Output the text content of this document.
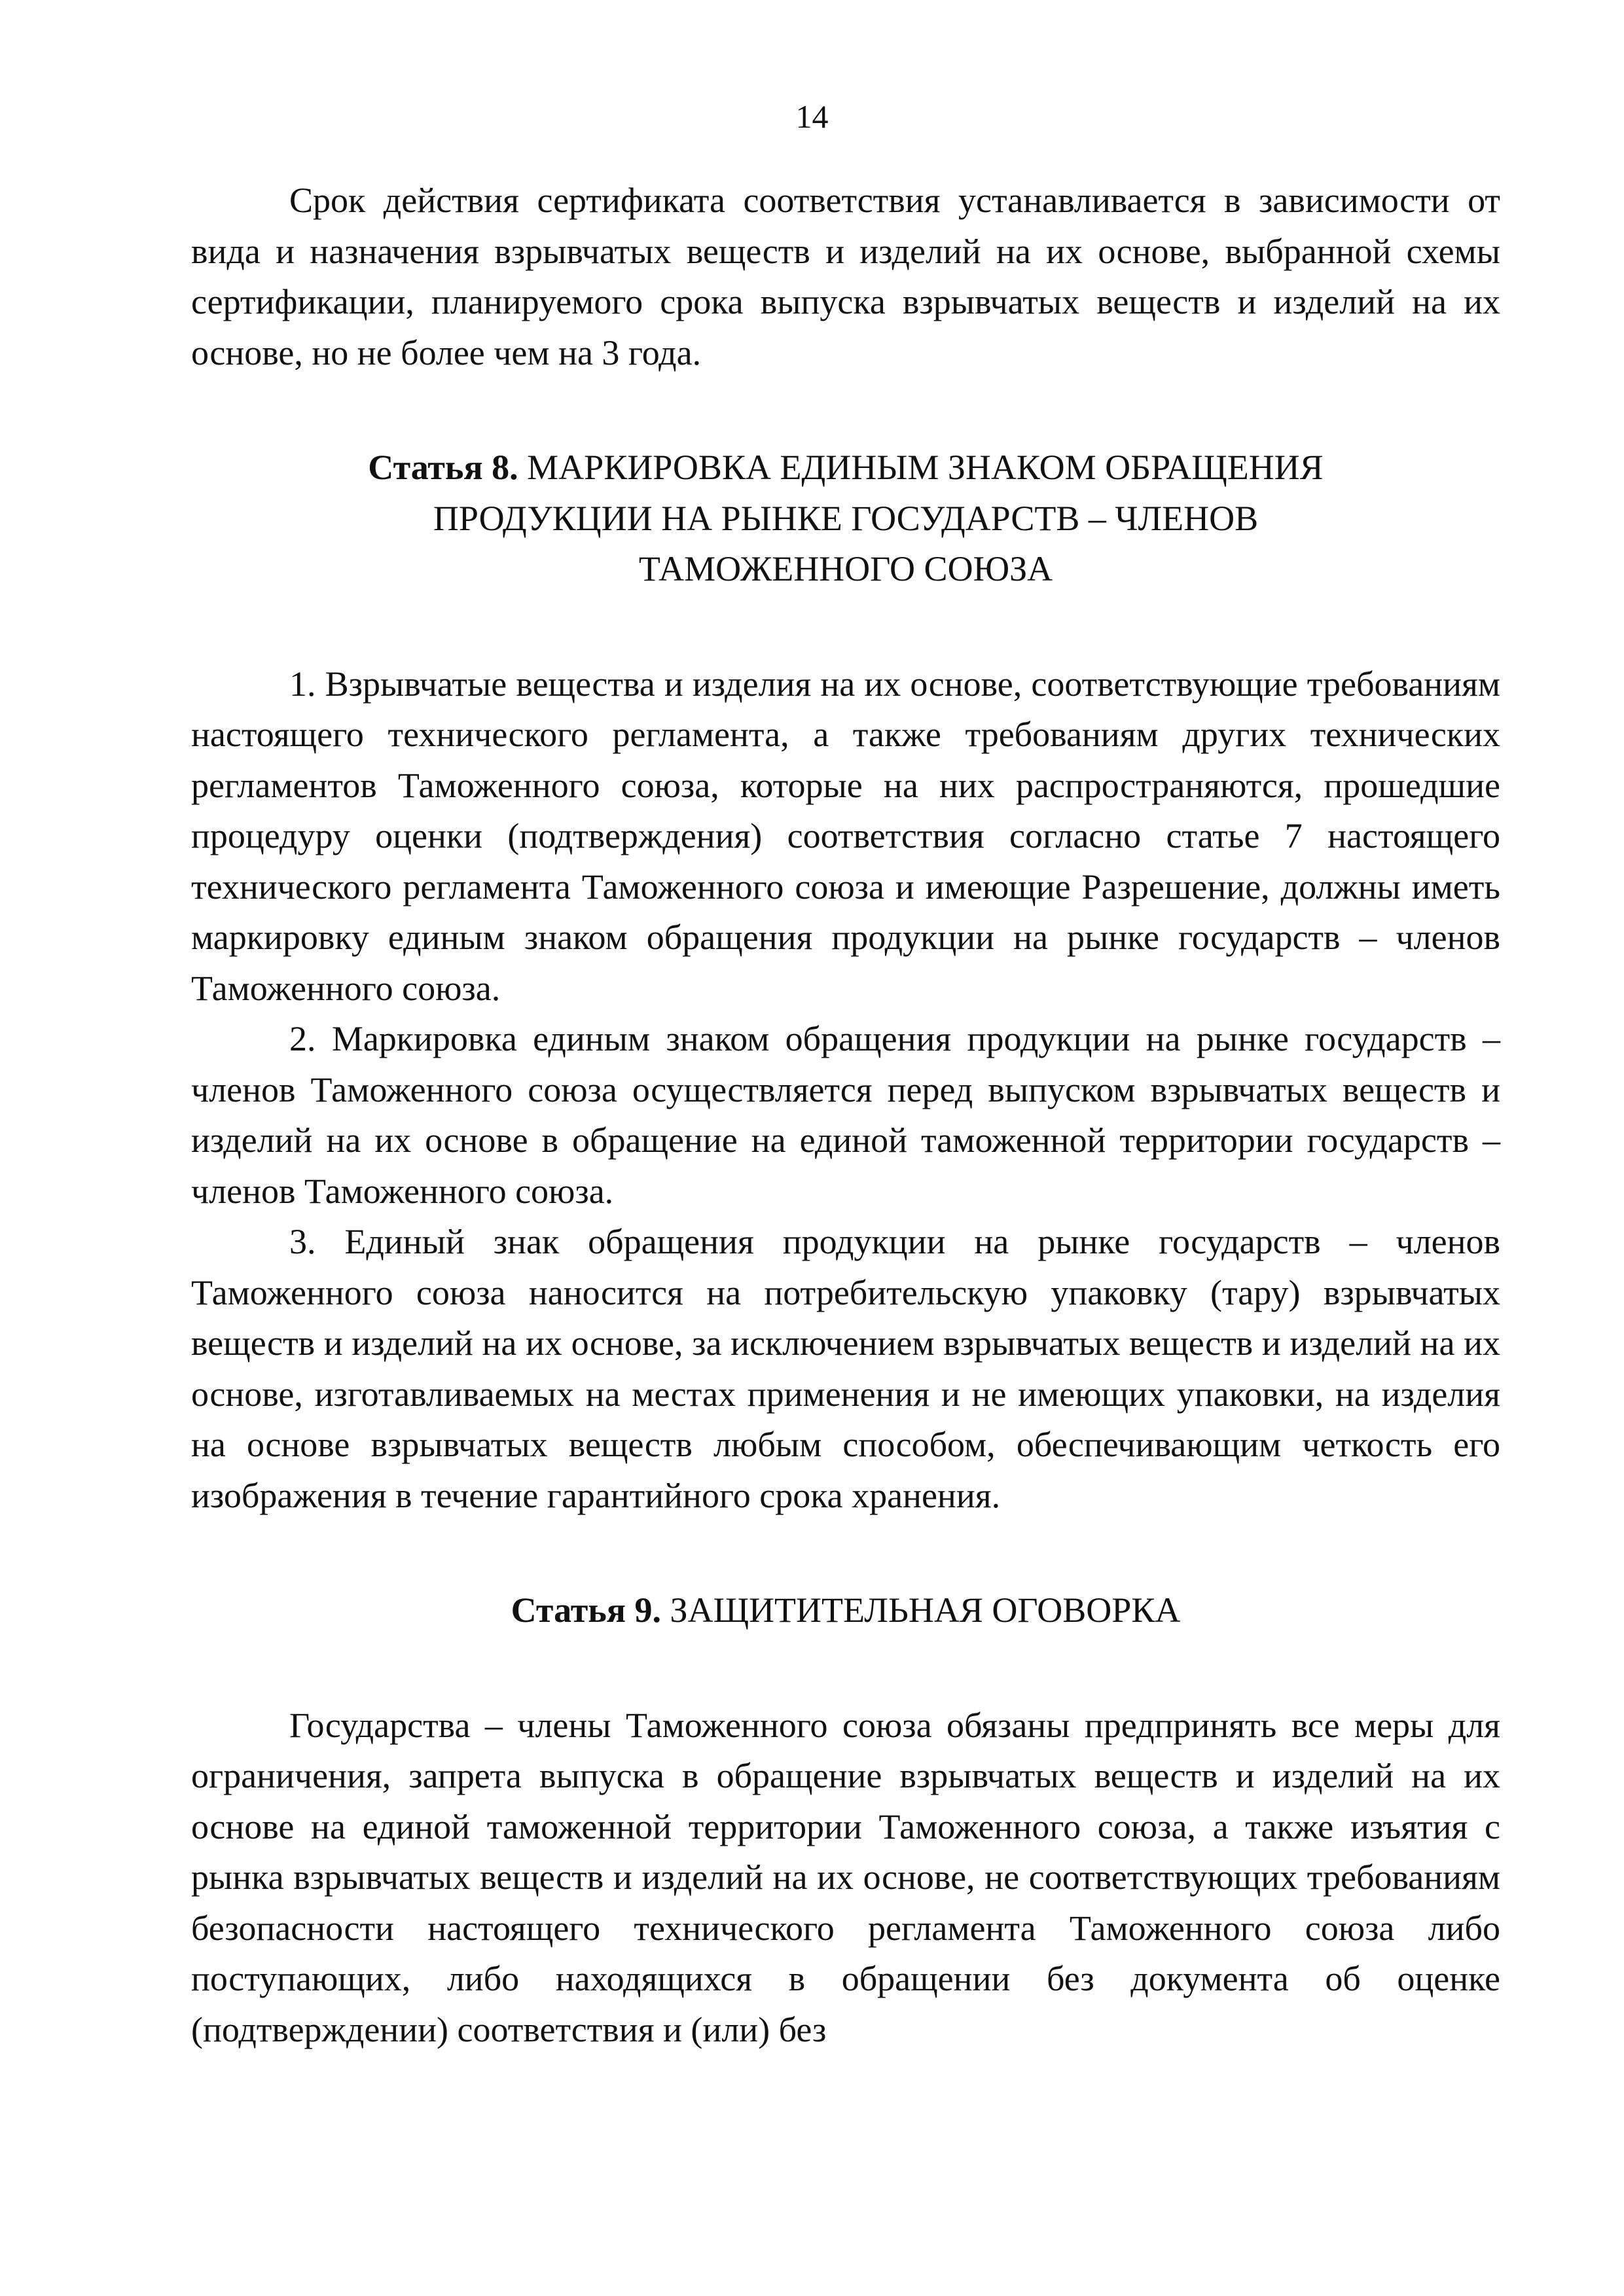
14

Срок действия сертификата соответствия устанавливается в зависимости от вида и назначения взрывчатых веществ и изделий на их основе, выбранной схемы сертификации, планируемого срока выпуска взрывчатых веществ и изделий на их основе, но не более чем на 3 года.

Статья 8. МАРКИРОВКА ЕДИНЫМ ЗНАКОМ ОБРАЩЕНИЯ
ПРОДУКЦИИ НА РЫНКЕ ГОСУДАРСТВ – ЧЛЕНОВ
ТАМОЖЕННОГО СОЮЗА

1. Взрывчатые вещества и изделия на их основе, соответствующие требованиям настоящего технического регламента, а также требованиям других технических регламентов Таможенного союза, которые на них распространяются, прошедшие процедуру оценки (подтверждения) соответствия согласно статье 7 настоящего технического регламента Таможенного союза и имеющие Разрешение, должны иметь маркировку единым знаком обращения продукции на рынке государств – членов Таможенного союза.

2. Маркировка единым знаком обращения продукции на рынке государств – членов Таможенного союза осуществляется перед выпуском взрывчатых веществ и изделий на их основе в обращение на единой таможенной территории государств – членов Таможенного союза.

3. Единый знак обращения продукции на рынке государств – членов Таможенного союза наносится на потребительскую упаковку (тару) взрывчатых веществ и изделий на их основе, за исключением взрывчатых веществ и изделий на их основе, изготавливаемых на местах применения и не имеющих упаковки, на изделия на основе взрывчатых веществ любым способом, обеспечивающим четкость его изображения в течение гарантийного срока хранения.

Статья 9. ЗАЩИТИТЕЛЬНАЯ ОГОВОРКА

Государства – члены Таможенного союза обязаны предпринять все меры для ограничения, запрета выпуска в обращение взрывчатых веществ и изделий на их основе на единой таможенной территории Таможенного союза, а также изъятия с рынка взрывчатых веществ и изделий на их основе, не соответствующих требованиям безопасности настоящего технического регламента Таможенного союза либо поступающих, либо находящихся в обращении без документа об оценке (подтверждении) соответствия и (или) без
